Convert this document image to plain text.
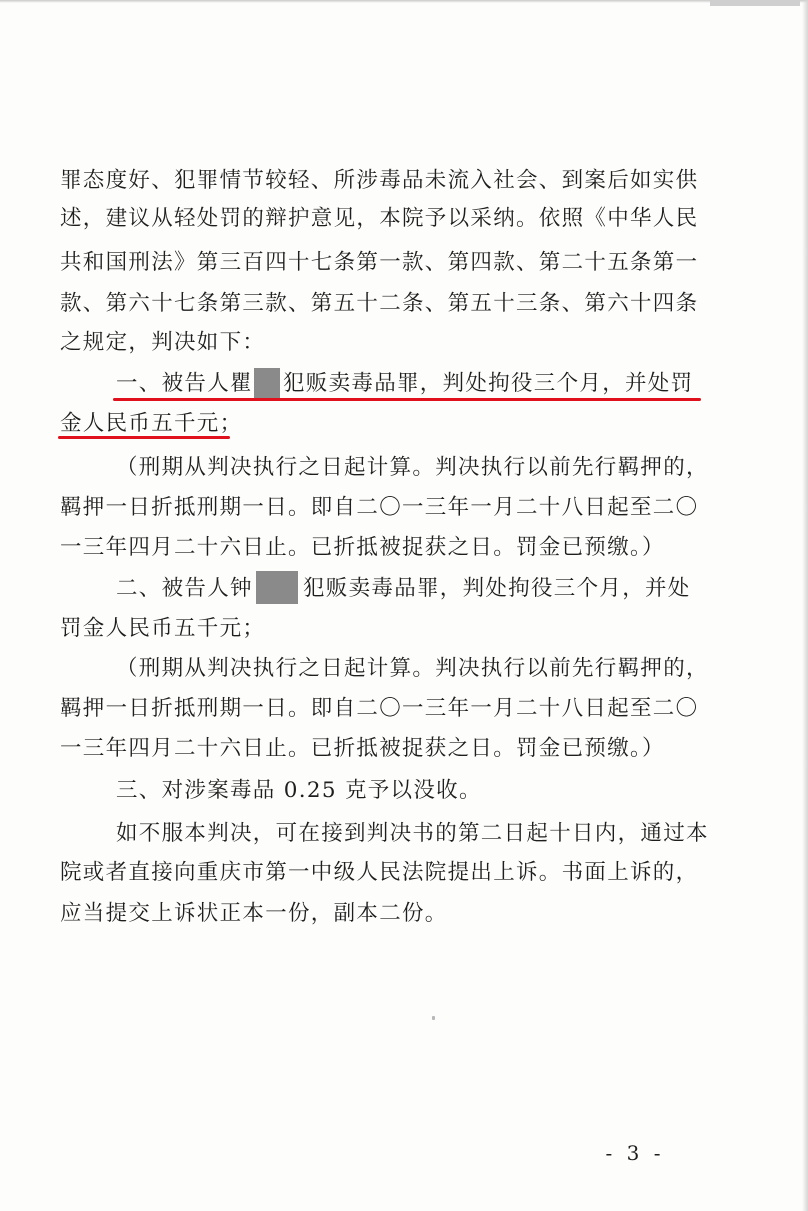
罪态度好、犯罪情节较轻、所涉毒品未流入社会、到案后如实供
述，建议从轻处罚的辩护意见，本院予以采纳。依照《中华人民
共和国刑法》第三百四十七条第一款、第四款、第二十五条第一
款、第六十七条第三款、第五十二条、第五十三条、第六十四条
之规定，判决如下：
一、被告人瞿 犯贩卖毒品罪，判处拘役三个月，并处罚
金人民币五千元；
（刑期从判决执行之日起计算。判决执行以前先行羁押的，
羁押一日折抵刑期一日。即自二〇一三年一月二十八日起至二〇
一三年四月二十六日止。已折抵被捉获之日。罚金已预缴。）
二、被告人钟 犯贩卖毒品罪，判处拘役三个月，并处
罚金人民币五千元；
（刑期从判决执行之日起计算。判决执行以前先行羁押的，
羁押一日折抵刑期一日。即自二〇一三年一月二十八日起至二〇
一三年四月二十六日止。已折抵被捉获之日。罚金已预缴。）
三、对涉案毒品 0.25 克予以没收。
如不服本判决，可在接到判决书的第二日起十日内，通过本
院或者直接向重庆市第一中级人民法院提出上诉。书面上诉的，
应当提交上诉状正本一份，副本二份。
- 3 -
